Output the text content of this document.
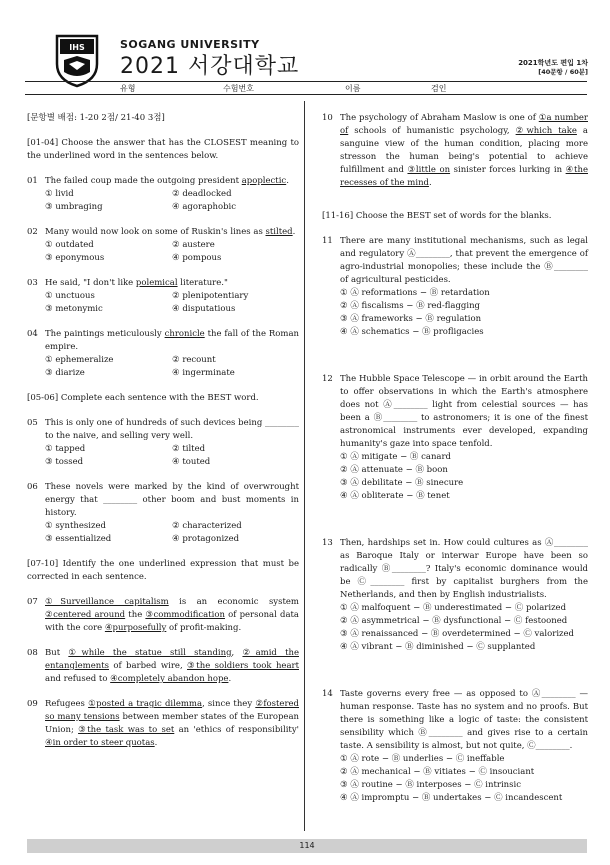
IHS	SOGANG UNIVERSITY
2021 서강대학교	2021학년도 편입 1차
[40문항 / 60분]
유형	수험번호	이름	검인
[문항별 배점: 1-20 2점/ 21-40 3점]
[01-04] Choose the answer that has the CLOSEST meaning to the underlined word in the sentences below.
01 The failed coup made the outgoing president apoplectic.
① livid	② deadlocked
③ umbraging	④ agoraphobic
02 Many would now look on some of Ruskin's lines as stilted.
① outdated	② austere
③ eponymous	④ pompous
03 He said, "I don't like polemical literature."
① unctuous	② plenipotentiary
③ metonymic	④ disputatious
04 The paintings meticulously chronicle the fall of the Roman empire.
① ephemeralize	② recount
③ diarize	④ ingerminate
[05-06] Complete each sentence with the BEST word.
05 This is only one of hundreds of such devices being ________ to the naive, and selling very well.
① tapped	② tilted
③ tossed	④ touted
06 These novels were marked by the kind of overwrought energy that ________ other boom and bust moments in history.
① synthesized	② characterized
③ essentialized	④ protagonized
[07-10] Identify the one underlined expression that must be corrected in each sentence.
07 ①Surveillance capitalism is an economic system ②centered around the ③commodification of personal data with the core ④purposefully of profit-making.
08 But ①while the statue still standing, ②amid the entanglements of barbed wire, ③the soldiers took heart and refused to ④completely abandon hope.
09 Refugees ①posted a tragic dilemma, since they ②fostered so many tensions between member states of the European Union; ③the task was to set an 'ethics of responsibility' ④in order to steer quotas.
10 The psychology of Abraham Maslow is one of ①a number of schools of humanistic psychology, ②which take a sanguine view of the human condition, placing more stresson the human being's potential to achieve fulfillment and ③little on sinister forces lurking in ④the recesses of the mind.
[11-16] Choose the BEST set of words for the blanks.
11 There are many institutional mechanisms, such as legal and regulatory Ⓐ________, that prevent the emergence of agro-industrial monopolies; these include the Ⓑ________ of agricultural pesticides.
① Ⓐ reformations − Ⓑ retardation
② Ⓐ fiscalisms − Ⓑ red-flagging
③ Ⓐ frameworks − Ⓑ regulation
④ Ⓐ schematics − Ⓑ profligacies
12 The Hubble Space Telescope — in orbit around the Earth to offer observations in which the Earth's atmosphere does not Ⓐ________ light from celestial sources — has been a Ⓑ________ to astronomers; it is one of the finest astronomical instruments ever developed, expanding humanity's gaze into space tenfold.
① Ⓐ mitigate − Ⓑ canard
② Ⓐ attenuate − Ⓑ boon
③ Ⓐ debilitate − Ⓑ sinecure
④ Ⓐ obliterate − Ⓑ tenet
13 Then, hardships set in. How could cultures as Ⓐ________ as Baroque Italy or interwar Europe have been so radically Ⓑ________? Italy's economic dominance would be Ⓒ________ first by capitalist burghers from the Netherlands, and then by English industrialists.
① Ⓐ malfoquent − Ⓑ underestimated − Ⓒ polarized
② Ⓐ asymmetrical − Ⓑ dysfunctional − Ⓒ festooned
③ Ⓐ renaissanced − Ⓑ overdetermined − Ⓒ valorized
④ Ⓐ vibrant − Ⓑ diminished − Ⓒ supplanted
14 Taste governs every free — as opposed to Ⓐ________ — human response. Taste has no system and no proofs. But there is something like a logic of taste: the consistent sensibility which Ⓑ________ and gives rise to a certain taste. A sensibility is almost, but not quite, Ⓒ________.
① Ⓐ rote − Ⓑ underlies − Ⓒ ineffable
② Ⓐ mechanical − Ⓑ vitiates − Ⓒ insouciant
③ Ⓐ routine − Ⓑ interposes − Ⓒ intrinsic
④ Ⓐ impromptu − Ⓑ undertakes − Ⓒ incandescent
114
